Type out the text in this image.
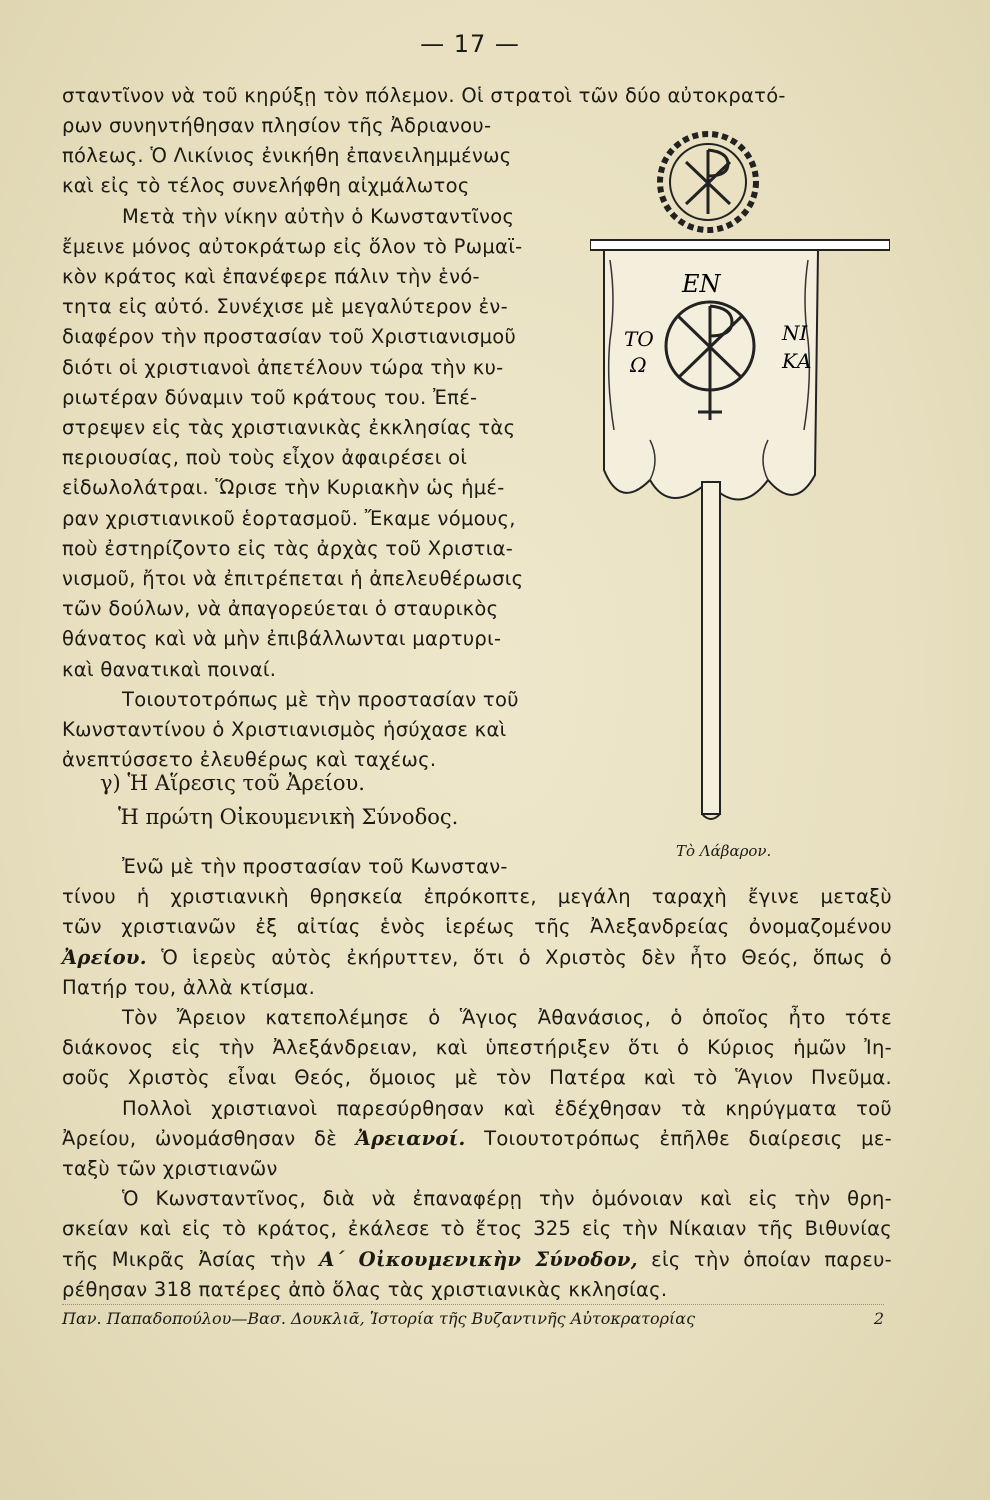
— 17 —
σταντῖνον νὰ τοῦ κηρύξῃ τὸν πόλεμον. Οἱ στρατοὶ τῶν δύο αὐτοκρατό-
ρων συνηντήθησαν πλησίον τῆς Ἀδριανου-
πόλεως. Ὁ Λικίνιος ἐνικήθη ἐπανειλημμένως
καὶ εἰς τὸ τέλος συνελήφθη αἰχμάλωτος
Μετὰ τὴν νίκην αὐτὴν ὁ Κωνσταντῖνος
ἔμεινε μόνος αὐτοκράτωρ εἰς ὅλον τὸ Ρωμαϊ-
κὸν κράτος καὶ ἐπανέφερε πάλιν τὴν ἑνό-
τητα εἰς αὐτό. Συνέχισε μὲ μεγαλύτερον ἐν-
διαφέρον τὴν προστασίαν τοῦ Χριστιανισμοῦ
διότι οἱ χριστιανοὶ ἀπετέλουν τώρα τὴν κυ-
ριωτέραν δύναμιν τοῦ κράτους του. Ἐπέ-
στρεψεν εἰς τὰς χριστιανικὰς ἐκκλησίας τὰς
περιουσίας, ποὺ τοὺς εἶχον ἀφαιρέσει οἱ
εἰδωλολάτραι. Ὥρισε τὴν Κυριακὴν ὡς ἡμέ-
ραν χριστιανικοῦ ἑορτασμοῦ. Ἔκαμε νόμους,
ποὺ ἐστηρίζοντο εἰς τὰς ἀρχὰς τοῦ Χριστια-
νισμοῦ, ἤτοι νὰ ἐπιτρέπεται ἡ ἀπελευθέρωσις
τῶν δούλων, νὰ ἀπαγορεύεται ὁ σταυρικὸς
θάνατος καὶ νὰ μὴν ἐπιβάλλωνται μαρτυρι-
καὶ θανατικαὶ ποιναί.
Τοιουτοτρόπως μὲ τὴν προστασίαν τοῦ
Κωνσταντίνου ὁ Χριστιανισμὸς ἡσύχασε καὶ
ἀνεπτύσσετο ἐλευθέρως καὶ ταχέως.
ΕΝ
ΝΙ
ΚΑ
ΤΟ
Ω
Τὸ Λάβαρον.
γ) Ἡ Αἵρεσις τοῦ Ἀρείου.
Ἡ πρώτη Οἰκουμενικὴ Σύνοδος.
Ἐνῶ μὲ τὴν προστασίαν τοῦ Κωνσταν-
τίνου ἡ χριστιανικὴ θρησκεία ἐπρόκοπτε, μεγάλη ταραχὴ ἔγινε μεταξὺ
τῶν χριστιανῶν ἐξ αἰτίας ἑνὸς ἱερέως τῆς Ἀλεξανδρείας ὀνομαζομένου
Ἀρείου. Ὁ ἱερεὺς αὐτὸς ἐκήρυττεν, ὅτι ὁ Χριστὸς δὲν ἦτο Θεός, ὅπως ὁ
Πατήρ του, ἀλλὰ κτίσμα.
Τὸν Ἄρειον κατεπολέμησε ὁ Ἅγιος Ἀθανάσιος, ὁ ὁποῖος ἦτο τότε
διάκονος εἰς τὴν Ἀλεξάνδρειαν, καὶ ὑπεστήριξεν ὅτι ὁ Κύριος ἡμῶν Ἰη-
σοῦς Χριστὸς εἶναι Θεός, ὅμοιος μὲ τὸν Πατέρα καὶ τὸ Ἅγιον Πνεῦμα.
Πολλοὶ χριστιανοὶ παρεσύρθησαν καὶ ἐδέχθησαν τὰ κηρύγματα τοῦ
Ἀρείου, ὠνομάσθησαν δὲ Ἀρειανοί. Τοιουτοτρόπως ἐπῆλθε διαίρεσις με-
ταξὺ τῶν χριστιανῶν
Ὁ Κωνσταντῖνος, διὰ νὰ ἐπαναφέρῃ τὴν ὁμόνοιαν καὶ εἰς τὴν θρη-
σκείαν καὶ εἰς τὸ κράτος, ἐκάλεσε τὸ ἔτος 325 εἰς τὴν Νίκαιαν τῆς Βιθυνίας
τῆς Μικρᾶς Ἀσίας τὴν Α΄ Οἰκουμενικὴν Σύνοδον, εἰς τὴν ὁποίαν παρευ-
ρέθησαν 318 πατέρες ἀπὸ ὅλας τὰς χριστιανικὰς κκλησίας.
Παν. Παπαδοπούλου—Βασ. Δουκλιᾶ, Ἱστορία τῆς Βυζαντινῆς Αὐτοκρατορίας	2
